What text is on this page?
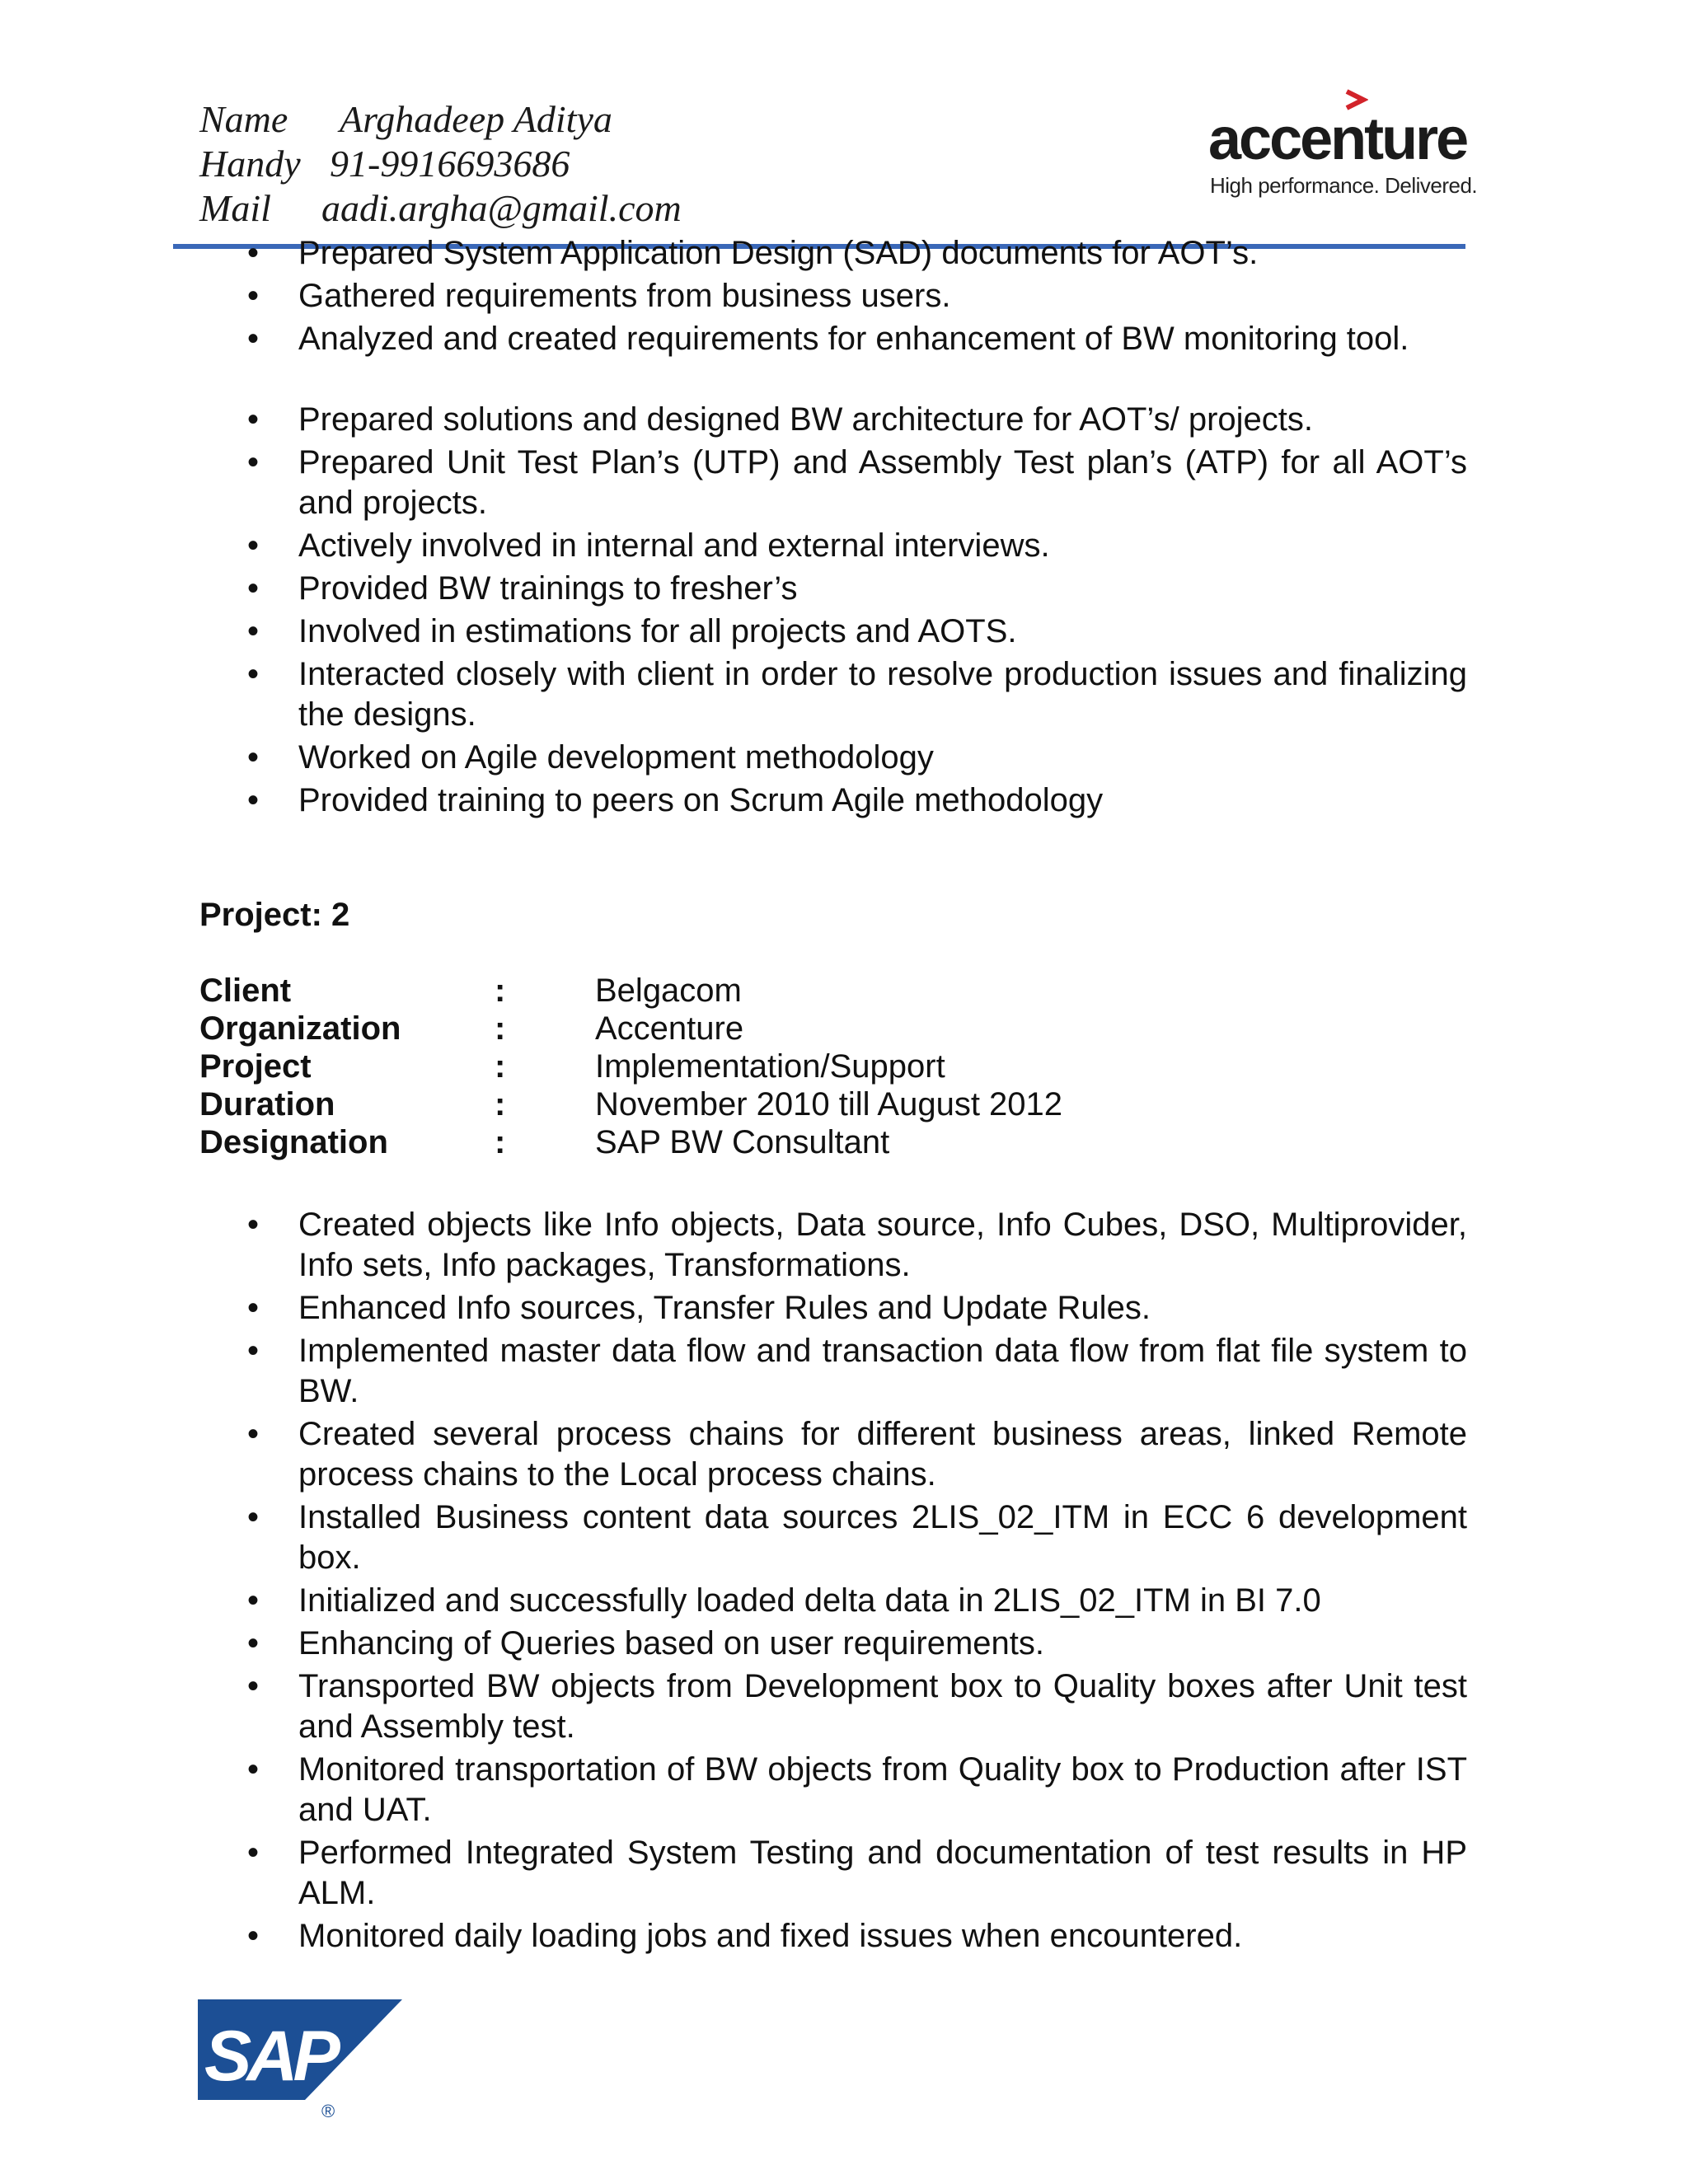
Name Arghadeep Aditya
Handy 91-9916693686
Mail aadi.argha@gmail.com
accenture
High performance. Delivered.
• Prepared System Application Design (SAD) documents for AOT’s.
• Gathered requirements from business users.
• Analyzed and created requirements for enhancement of BW monitoring tool.
• Prepared solutions and designed BW architecture for AOT’s/ projects.
• Prepared Unit Test Plan’s (UTP) and Assembly Test plan’s (ATP) for all AOT’s and projects.
• Actively involved in internal and external interviews.
• Provided BW trainings to fresher’s
• Involved in estimations for all projects and AOTS.
• Interacted closely with client in order to resolve production issues and finalizing the designs.
• Worked on Agile development methodology
• Provided training to peers on Scrum Agile methodology
Project: 2
Client	:	Belgacom
Organization	:	Accenture
Project	:	Implementation/Support
Duration	:	November 2010 till August 2012
Designation	:	SAP BW Consultant
• Created objects like Info objects, Data source, Info Cubes, DSO, Multiprovider, Info sets, Info packages, Transformations.
• Enhanced Info sources, Transfer Rules and Update Rules.
• Implemented master data flow and transaction data flow from flat file system to BW.
• Created several process chains for different business areas, linked Remote process chains to the Local process chains.
• Installed Business content data sources 2LIS_02_ITM in ECC 6 development box.
• Initialized and successfully loaded delta data in 2LIS_02_ITM in BI 7.0
• Enhancing of Queries based on user requirements.
• Transported BW objects from Development box to Quality boxes after Unit test and Assembly test.
• Monitored transportation of BW objects from Quality box to Production after IST and UAT.
• Performed Integrated System Testing and documentation of test results in HP ALM.
• Monitored daily loading jobs and fixed issues when encountered.
SAP
®
